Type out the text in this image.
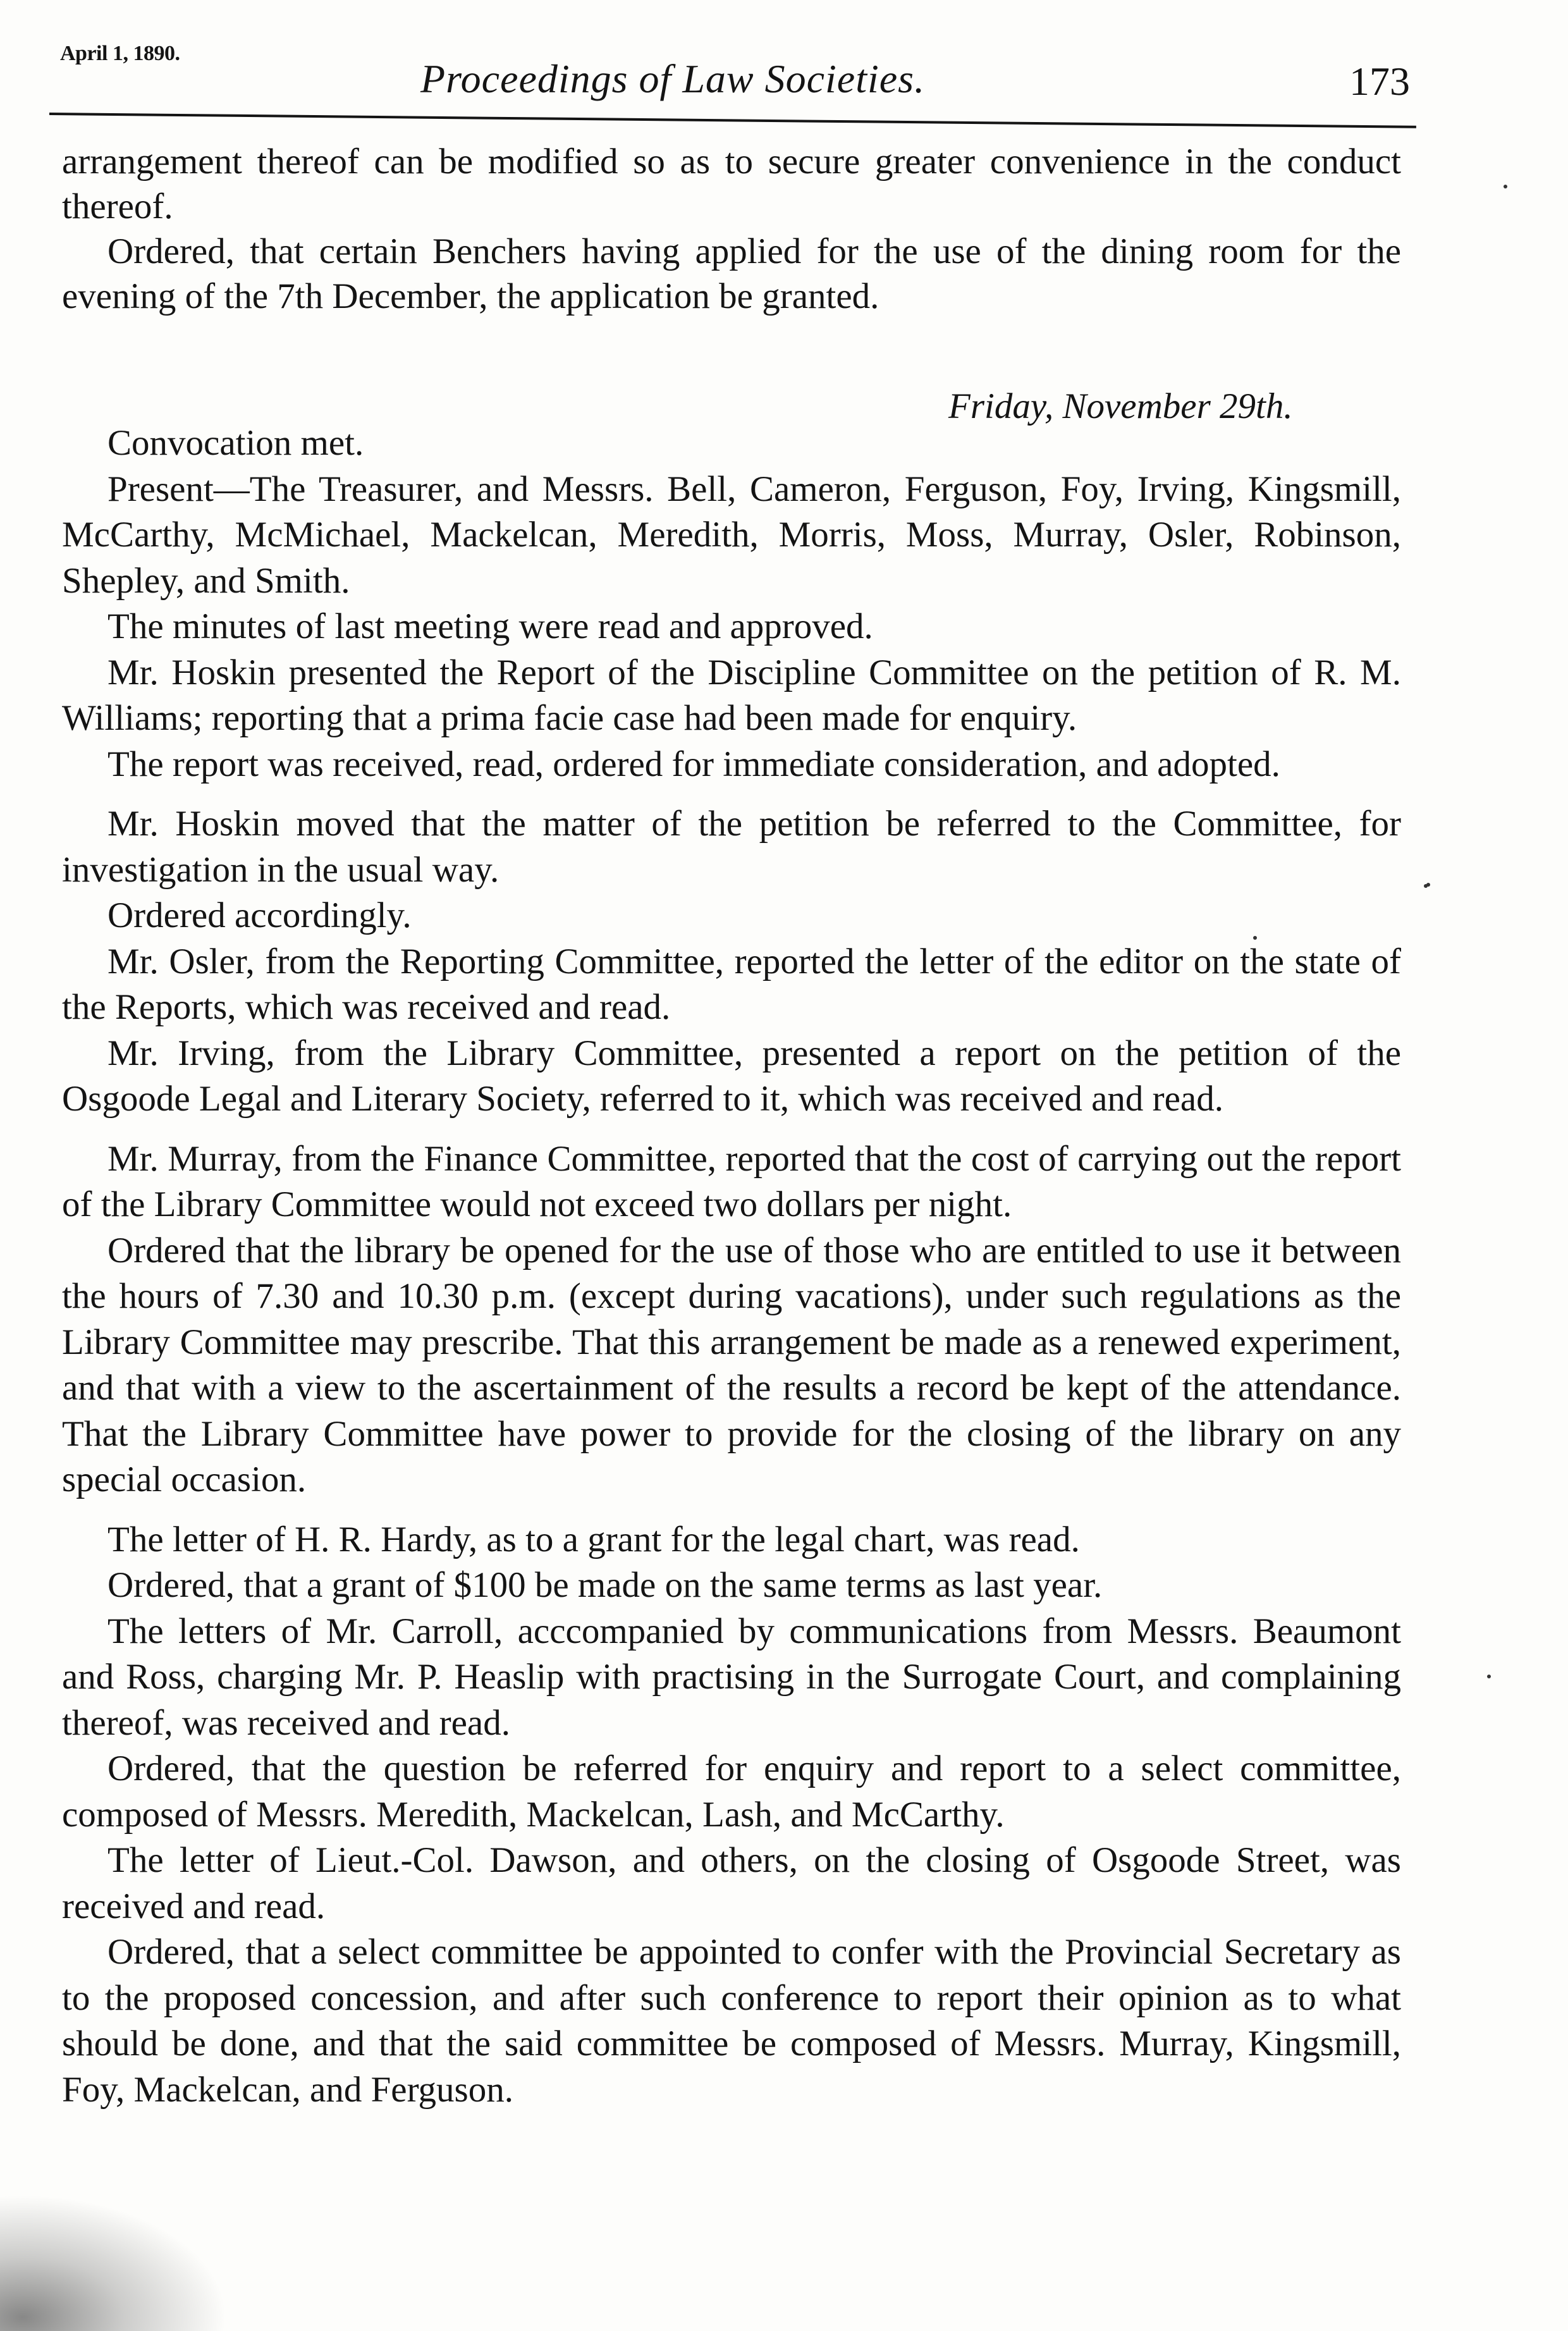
April 1, 1890.
Proceedings of Law Societies.	173

arrangement thereof can be modified so as to secure greater convenience in the conduct thereof.

Ordered, that certain Benchers having applied for the use of the dining room for the evening of the 7th December, the application be granted.

Friday, November 29th.

Convocation met.

Present—The Treasurer, and Messrs. Bell, Cameron, Ferguson, Foy, Irving, Kingsmill, McCarthy, McMichael, Mackelcan, Meredith, Morris, Moss, Murray, Osler, Robinson, Shepley, and Smith.

The minutes of last meeting were read and approved.

Mr. Hoskin presented the Report of the Discipline Committee on the petition of R. M. Williams; reporting that a prima facie case had been made for enquiry.

The report was received, read, ordered for immediate consideration, and adopted.

Mr. Hoskin moved that the matter of the petition be referred to the Committee, for investigation in the usual way.

Ordered accordingly.

Mr. Osler, from the Reporting Committee, reported the letter of the editor on the state of the Reports, which was received and read.

Mr. Irving, from the Library Committee, presented a report on the petition of the Osgoode Legal and Literary Society, referred to it, which was received and read.

Mr. Murray, from the Finance Committee, reported that the cost of carrying out the report of the Library Committee would not exceed two dollars per night.

Ordered that the library be opened for the use of those who are entitled to use it between the hours of 7.30 and 10.30 p.m. (except during vacations), under such regulations as the Library Committee may prescribe. That this arrangement be made as a renewed experiment, and that with a view to the ascertainment of the results a record be kept of the attendance. That the Library Committee have power to provide for the closing of the library on any special occasion.

The letter of H. R. Hardy, as to a grant for the legal chart, was read.

Ordered, that a grant of $100 be made on the same terms as last year.

The letters of Mr. Carroll, acccompanied by communications from Messrs. Beaumont and Ross, charging Mr. P. Heaslip with practising in the Surrogate Court, and complaining thereof, was received and read.

Ordered, that the question be referred for enquiry and report to a select committee, composed of Messrs. Meredith, Mackelcan, Lash, and McCarthy.

The letter of Lieut.-Col. Dawson, and others, on the closing of Osgoode Street, was received and read.

Ordered, that a select committee be appointed to confer with the Provincial Secretary as to the proposed concession, and after such conference to report their opinion as to what should be done, and that the said committee be composed of Messrs. Murray, Kingsmill, Foy, Mackelcan, and Ferguson.
